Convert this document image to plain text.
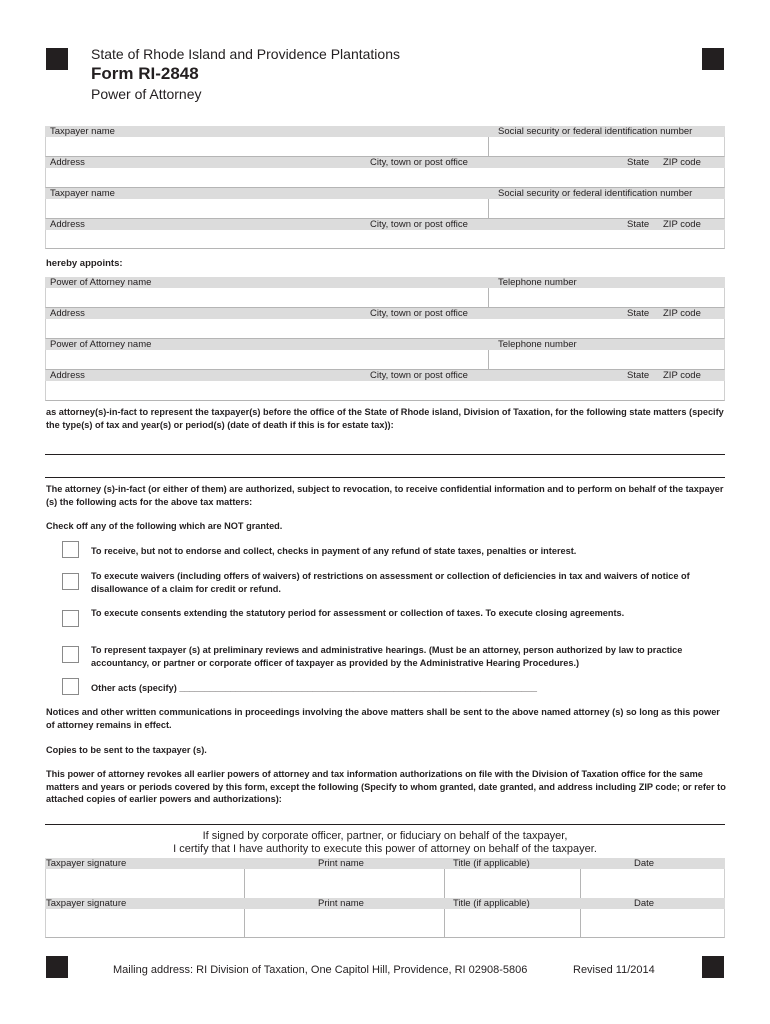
State of Rhode Island and Providence Plantations
Form RI-2848
Power of Attorney
Taxpayer name	Social security or federal identification number
Address	City, town or post office	State ZIP code
Taxpayer name	Social security or federal identification number
Address	City, town or post office	State ZIP code
hereby appoints:
Power of Attorney name	Telephone number
Address	City, town or post office	State ZIP code
Power of Attorney name	Telephone number
Address	City, town or post office	State ZIP code
as attorney(s)-in-fact to represent the taxpayer(s) before the office of the State of Rhode island, Division of Taxation, for the following state matters (specify the type(s) of tax and year(s) or period(s) (date of death if this is for estate tax)):
The attorney (s)-in-fact (or either of them) are authorized, subject to revocation, to receive confidential information and to perform on behalf of the taxpayer (s) the following acts for the above tax matters:
Check off any of the following which are NOT granted.
To receive, but not to endorse and collect, checks in payment of any refund of state taxes, penalties or interest.
To execute waivers (including offers of waivers) of restrictions on assessment or collection of deficiencies in tax and waivers of notice of disallowance of a claim for credit or refund.
To execute consents extending the statutory period for assessment or collection of taxes. To execute closing agreements.
To represent taxpayer (s) at preliminary reviews and administrative hearings. (Must be an attorney, person authorized by law to practice accountancy, or partner or corporate officer of taxpayer as provided by the Administrative Hearing Procedures.)
Other acts (specify) ______________________________________________________________________
Notices and other written communications in proceedings involving the above matters shall be sent to the above named attorney (s) so long as this power of attorney remains in effect.
Copies to be sent to the taxpayer (s).
This power of attorney revokes all earlier powers of attorney and tax information authorizations on file with the Division of Taxation office for the same matters and years or periods covered by this form, except the following (Specify to whom granted, date granted, and address including ZIP code; or refer to attached copies of earlier powers and authorizations):
If signed by corporate officer, partner, or fiduciary on behalf of the taxpayer,
I certify that I have authority to execute this power of attorney on behalf of the taxpayer.
Taxpayer signature	Print name	Title (if applicable)	Date
Taxpayer signature	Print name	Title (if applicable)	Date
Mailing address: RI Division of Taxation, One Capitol Hill, Providence, RI 02908-5806	Revised 11/2014
